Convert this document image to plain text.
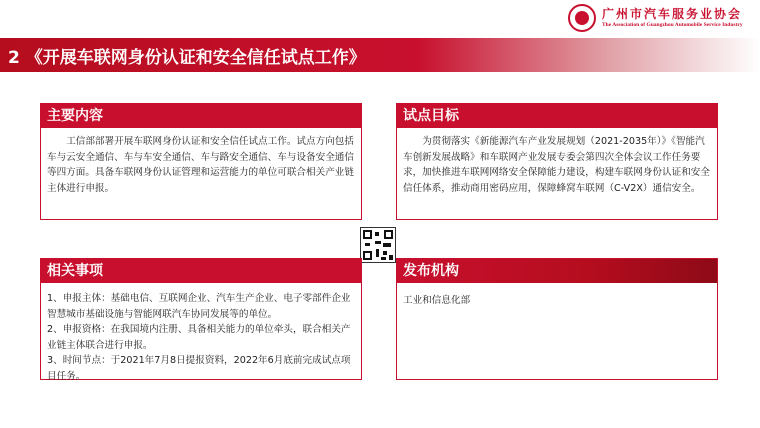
广州市汽车服务业协会
The Association of Guangzhou Automobile Service Industry
2 《开展车联网身份认证和安全信任试点工作》
主要内容
工信部部署开展车联网身份认证和安全信任试点工作。试点方向包括车与云安全通信、车与车安全通信、车与路安全通信、车与设备安全通信等四方面。具备车联网身份认证管理和运营能力的单位可联合相关产业链主体进行申报。
试点目标
为贯彻落实《新能源汽车产业发展规划（2021-2035年）》《智能汽车创新发展战略》和车联网产业发展专委会第四次全体会议工作任务要求，加快推进车联网网络安全保障能力建设，构建车联网身份认证和安全信任体系，推动商用密码应用，保障蜂窝车联网（C-V2X）通信安全。
相关事项
1、申报主体：基础电信、互联网企业、汽车生产企业、电子零部件企业智慧城市基础设施与智能网联汽车协同发展等的单位。
2、申报资格：在我国境内注册、具备相关能力的单位牵头，联合相关产业链主体联合进行申报。
3、时间节点：于2021年7月8日提报资料，2022年6月底前完成试点项目任务。
发布机构
工业和信息化部
